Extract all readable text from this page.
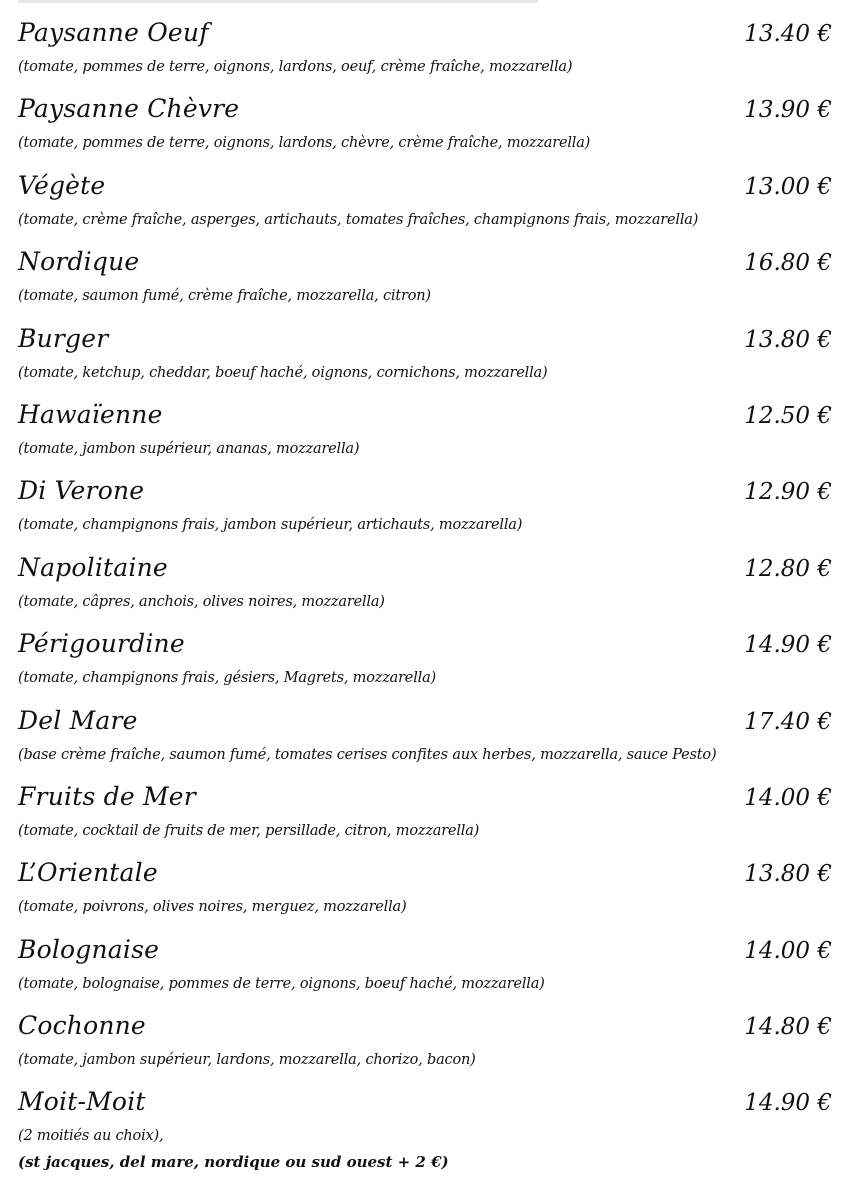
Paysanne Oeuf	13.40 €
(tomate, pommes de terre, oignons, lardons, oeuf, crème fraîche, mozzarella)
Paysanne Chèvre	13.90 €
(tomate, pommes de terre, oignons, lardons, chèvre, crème fraîche, mozzarella)
Végète	13.00 €
(tomate, crème fraîche, asperges, artichauts, tomates fraîches, champignons frais, mozzarella)
Nordique	16.80 €
(tomate, saumon fumé, crème fraîche, mozzarella, citron)
Burger	13.80 €
(tomate, ketchup, cheddar, boeuf haché, oignons, cornichons, mozzarella)
Hawaïenne	12.50 €
(tomate, jambon supérieur, ananas, mozzarella)
Di Verone	12.90 €
(tomate, champignons frais, jambon supérieur, artichauts, mozzarella)
Napolitaine	12.80 €
(tomate, câpres, anchois, olives noires, mozzarella)
Périgourdine	14.90 €
(tomate, champignons frais, gésiers, Magrets, mozzarella)
Del Mare	17.40 €
(base crème fraîche, saumon fumé, tomates cerises confites aux herbes, mozzarella, sauce Pesto)
Fruits de Mer	14.00 €
(tomate, cocktail de fruits de mer, persillade, citron, mozzarella)
L’Orientale	13.80 €
(tomate, poivrons, olives noires, merguez, mozzarella)
Bolognaise	14.00 €
(tomate, bolognaise, pommes de terre, oignons, boeuf haché, mozzarella)
Cochonne	14.80 €
(tomate, jambon supérieur, lardons, mozzarella, chorizo, bacon)
Moit-Moit	14.90 €
(2 moitiés au choix),
(st jacques, del mare, nordique ou sud ouest + 2 €)
